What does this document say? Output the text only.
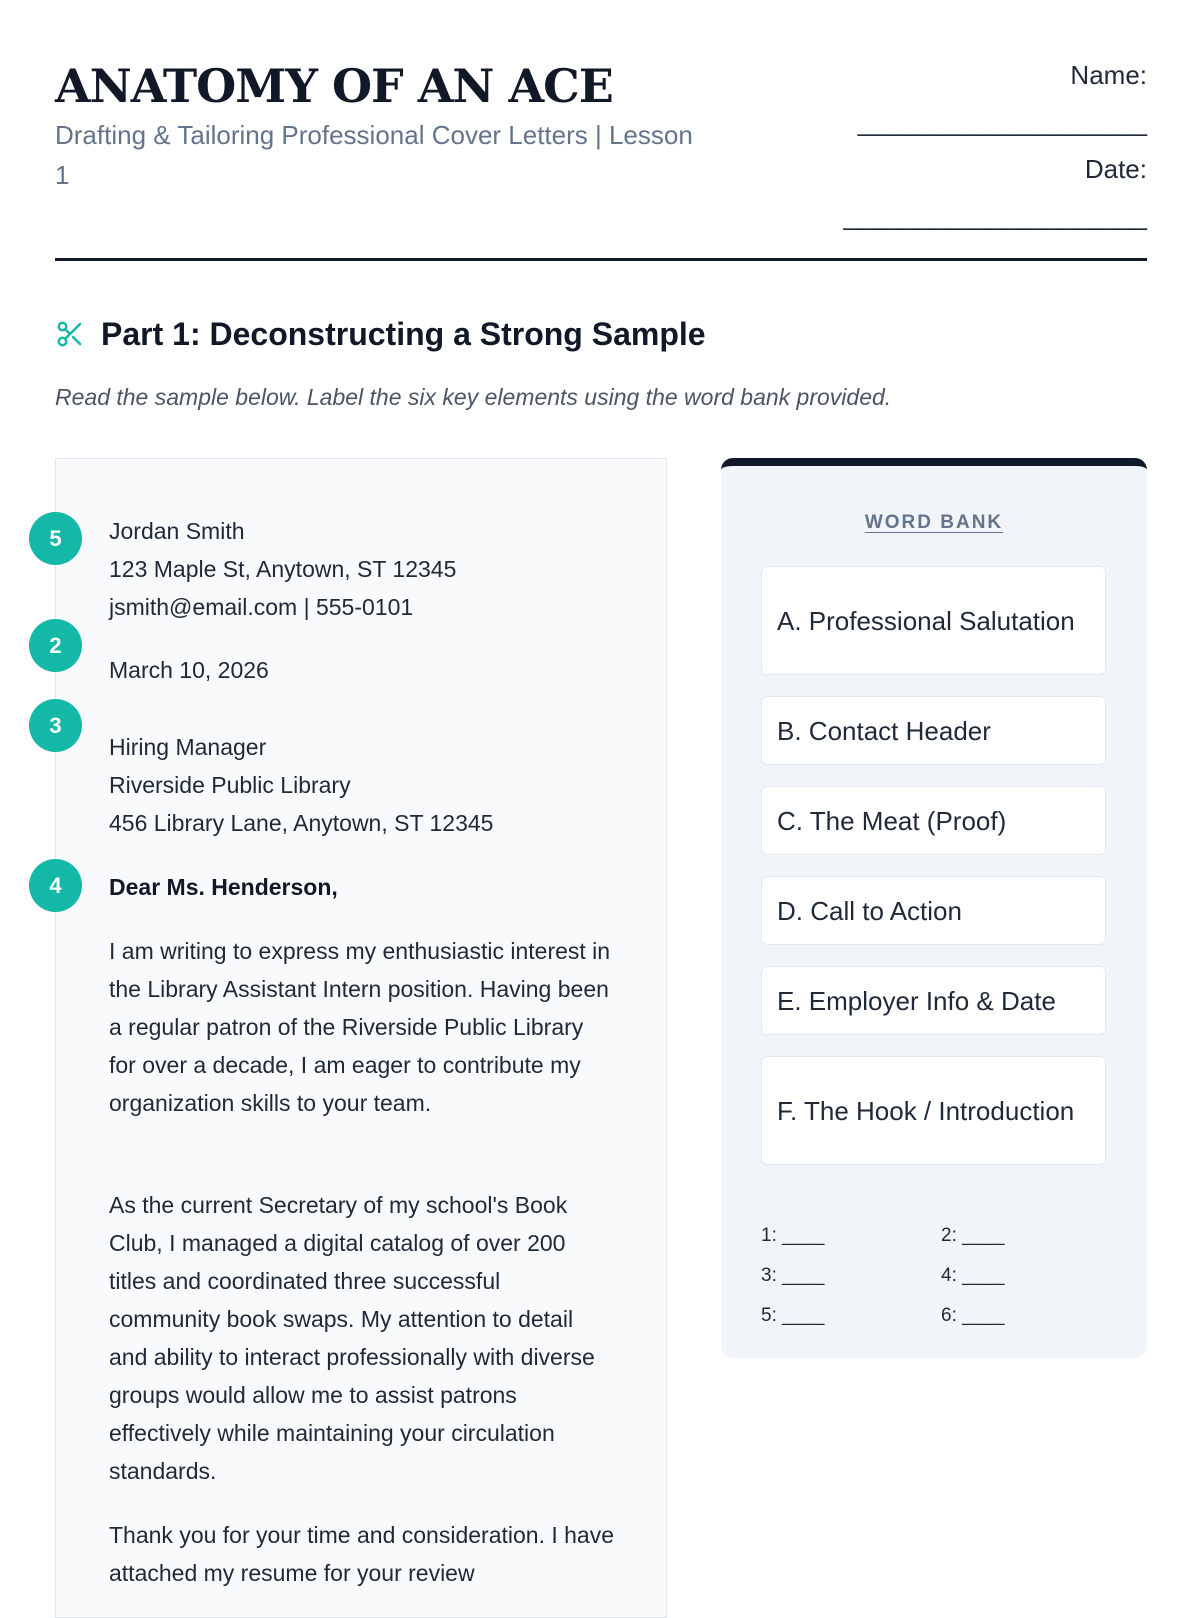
ANATOMY OF AN ACE

Drafting & Tailoring Professional Cover Letters | Lesson 1

Name:
____________________
Date:
_____________________
Part 1: Deconstructing a Strong Sample

Read the sample below. Label the six key elements using the word bank provided.

5
2
3
4
Jordan Smith
123 Maple St, Anytown, ST 12345
jsmith@email.com | 555-0101
March 10, 2026
Hiring Manager
Riverside Public Library
456 Library Lane, Anytown, ST 12345
Dear Ms. Henderson,
I am writing to express my enthusiastic interest in the Library Assistant Intern position. Having been a regular patron of the Riverside Public Library for over a decade, I am eager to contribute my organization skills to your team.
As the current Secretary of my school's Book Club, I managed a digital catalog of over 200 titles and coordinated three successful community book swaps. My attention to detail and ability to interact professionally with diverse groups would allow me to assist patrons effectively while maintaining your circulation standards.
Thank you for your time and consideration. I have attached my resume for your review
WORD BANK
A. Professional Salutation
B. Contact Header
C. The Meat (Proof)
D. Call to Action
E. Employer Info & Date
F. The Hook / Introduction
1: ____	2: ____
3: ____	4: ____
5: ____	6: ____
